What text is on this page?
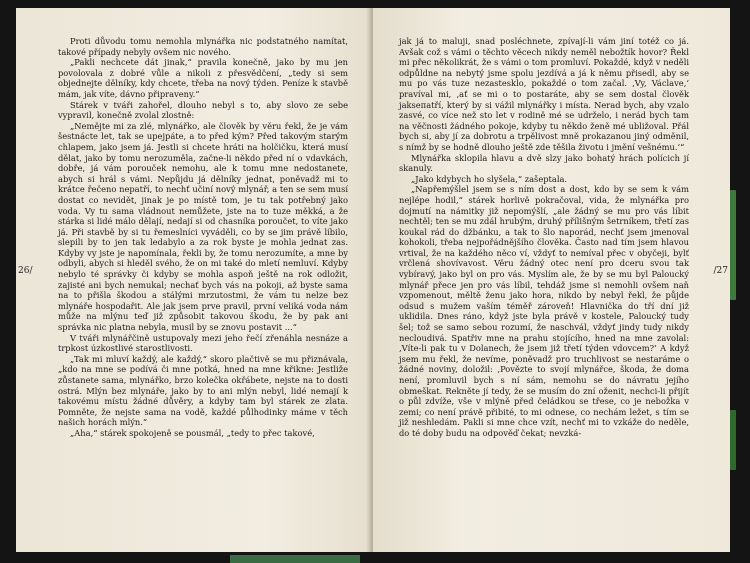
26/

Proti důvodu tomu nemohla mlynářka nic podstatného namítat, takové případy nebyly ovšem nic nového.

„Pakli nechcete dát jinak,“ pravila konečně, jako by mu jen povolovala z dobré vůle a nikoli z přesvědčení, „tedy si sem objednejte dělníky, kdy chcete, třeba na nový týden. Peníze k stavbě mám, jak víte, dávno připraveny.“

Stárek v tváři zahořel, dlouho nebyl s to, aby slovo ze sebe vypravil, konečně zvolal zlostně:

„Nemějte mi za zlé, mlynářko, ale člověk by věru řekl, že je vám šestnácte let, tak se upejpáte, a to před kým? Před takovým starým chlapem, jako jsem já. Jestli si chcete hráti na holčičku, která musí dělat, jako by tomu nerozuměla, začne-li někdo před ní o vdavkách, dobře, já vám porouček nemohu, ale k tomu mne nedostanete, abych si hrál s vámi. Nepůjdu já dělníky jednat, poněvadž mi to krátce řečeno nepatří, to nechť učiní nový mlynář, a ten se sem musí dostat co nevidět, jinak je po místě tom, je tu tak potřebný jako voda. Vy tu sama vládnout nemůžete, jste na to tuze měkká, a že stárka si lidé málo dělají, nedají si od chasníka poroučet, to víte jako já. Při stavbě by si tu řemeslníci vyváděli, co by se jim právě líbilo, slepili by to jen tak ledabylo a za rok byste je mohla jednat zas. Kdyby vy jste je napomínala, řekli by, že tomu nerozumíte, a mne by odbyli, abych si hleděl svého, že on mi také do mletí nemluví. Kdyby nebylo té správky či kdyby se mohla aspoň ještě na rok odložit, zajisté ani bych nemukal; nechať bych vás na pokoji, až byste sama na to přišla škodou a stálými mrzutostmi, že vám tu nelze bez mlynáře hospodařit. Ale jak jsem prve pravil, první veliká voda nám může na mlýnu teď již způsobit takovou škodu, že by pak ani správka nic platna nebyla, musil by se znovu postavit ...“

V tváři mlynářčině ustupovaly mezi jeho řečí zřenáhla nesnáze a trpkost úzkostlivé starostlivosti.

„Tak mi mluví každý, ale každý,“ skoro plačtivě se mu přiznávala, „kdo na mne se podívá či mne potká, hned na mne křikne: Jestliže zůstanete sama, mlynářko, brzo kolečka okřábete, nejste na to dosti ostrá. Mlýn bez mlynáře, jako by to ani mlýn nebyl, lidé nemají k takovému místu žádné důvěry, a kdyby tam byl stárek ze zlata. Pomněte, že nejste sama na vodě, každé půlhodinky máme v těch našich horách mlýn.“

„Aha,“ stárek spokojeně se pousmál, „tedy to přec takové,

/27

jak já to maluji, snad posléchnete, zpívají-li vám jiní totéž co já. Avšak což s vámi o těchto věcech nikdy neměl nebožtík hovor? Řekl mi přec několikrát, že s vámi o tom promluví. Pokaždé, když v neděli odpůldne na nebytý jsme spolu jezdívá a já k němu přisedl, aby se mu po vás tuze nezastesklo, pokaždé o tom začal. ‚Vy, Václave,‘ pravíval mi, ‚ať se mi o to postaráte, aby se sem dostal člověk jakseпatří, který by si vážil mlynářky i místa. Nerad bych, aby vzalo zasvé, co více než sto let v rodině mé se udrželo, i nerád bych tam na věčnosti žádného pokoje, kdyby tu někdo ženě mé ubližoval. Přál bych si, aby jí za dobrotu a trpělivost mně prokazanou jiný odměnil, s nímž by se hodně dlouho ještě zde těšila životu i jmění vešnému.‘“

Mlynářka sklopila hlavu a dvě slzy jako bohatý hrách polícich jí skanuly.

„Jako kdybych ho slyšela,“ zašeptala.

„Napřemýšlel jsem se s ním dost a dost, kdo by se sem k vám nejlépe hodil,“ stárek horlivě pokračoval, vida, že mlynářka pro dojmutí na námitky již nepomýšlí, „ale žádný se mu pro vás líbit nechtěl; ten se mu zdál hrubým, druhý přílišným šetrníkem, třetí zas koukal rád do džbánku, a tak to šlo naporád, nechť jsem jmenoval kohokoli, třeba nejpořádnějšího člověka. Často nad tím jsem hlavou vrtival, že na každého něco ví, vždyť to nemíval přec v obyčeji, bylť vrčlená shovívavost. Věru žádný otec není pro dceru svou tak vybíravý, jako byl on pro vás. Myslím ale, že by se mu byl Paloucký mlynář přece jen pro vás líbil, tehdáž jsme si nemohli ovšem naň vzpomenout, měltě ženu jako hora, nikdo by nebyl řekl, že půjde odsud s mužem vaším téměř zároveň! Hlavnička do tří dní již uklidila. Dnes ráno, když jste byla právě v kostele, Paloucký tudy šel; tož se samo sebou rozumí, že naschvál, vždyť jindy tudy nikdy necloudivá. Spatřiv mne na prahu stojícího, hned na mne zavolal: ‚Víte-li pak tu v Dolanech, že jsem již třetí týden vdovcem?‘ A když jsem mu řekl, že nevíme, poněvadž pro truchlivost se nestaráme o žádné noviny, doložil: ‚Povězte to svojí mlynářce, škoda, že doma není, promluvil bych s ní sám, nemohu se do návratu jejího obmeškat. Rekněte jí tedy, že se musím do zní oženit, nechci-li přijít o půl zdvíže, vše v mlýně před čeládkou se třese, co je nebožka v zemi; co není právě přibité, to mi odnese, co nechám ležet, s tím se již neshledám. Pakli si mne chce vzít, nechť mi to vzkáže do neděle, do té doby budu na odpověď čekat; nevzká-
